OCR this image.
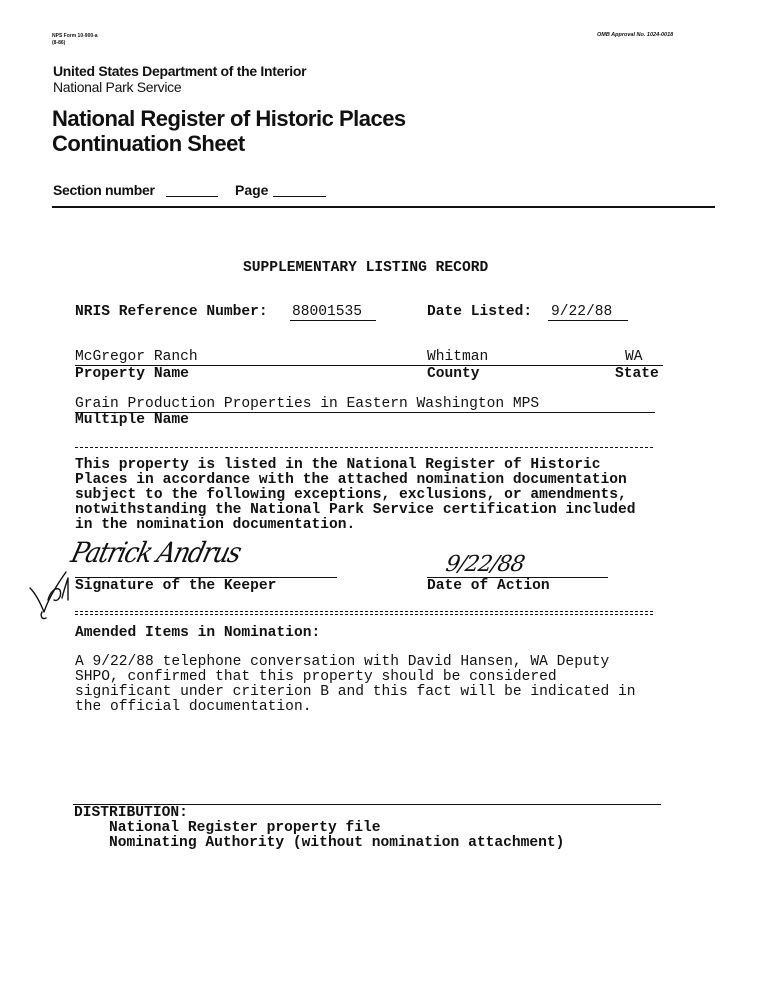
NPS Form 10-900-a
(8-86)
OMB Approval No. 1024-0018
United States Department of the Interior
National Park Service
National Register of Historic Places
Continuation Sheet
Section number	Page
SUPPLEMENTARY LISTING RECORD
NRIS Reference Number: 88001535	Date Listed: 9/22/88
McGregor Ranch	Whitman	WA
Property Name	County	State
Grain Production Properties in Eastern Washington MPS
Multiple Name
This property is listed in the National Register of Historic
Places in accordance with the attached nomination documentation
subject to the following exceptions, exclusions, or amendments,
notwithstanding the National Park Service certification included
in the nomination documentation.
Patrick Andrus
Signature of the Keeper
9/22/88
Date of Action
Amended Items in Nomination:
A 9/22/88 telephone conversation with David Hansen, WA Deputy
SHPO, confirmed that this property should be considered
significant under criterion B and this fact will be indicated in
the official documentation.
DISTRIBUTION:
National Register property file
Nominating Authority (without nomination attachment)
